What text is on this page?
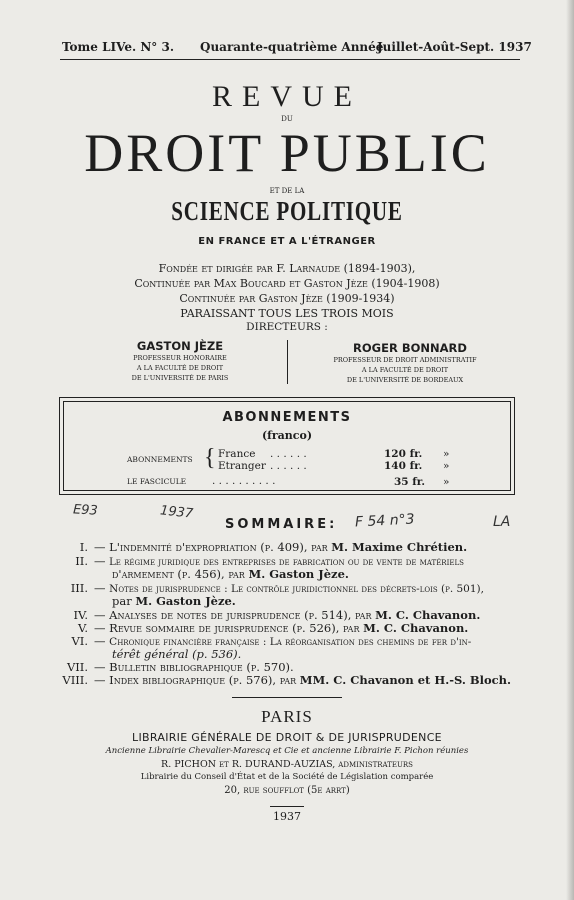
Tome LIVe. N° 3. Quarante-quatrième Année.
Juillet-Août-Sept. 1937
REVUE
DU
DROIT PUBLIC
ET DE LA
SCIENCE POLITIQUE
EN FRANCE ET A L'ÉTRANGER
Fondée et dirigée par F. Larnaude (1894-1903),
Continuée par Max Boucard et Gaston Jèze (1904-1908)
Continuée par Gaston Jèze (1909-1934)
PARAISSANT TOUS LES TROIS MOIS
DIRECTEURS :
GASTON JÈZE
PROFESSEUR HONORAIRE
A LA FACULTÉ DE DROIT
DE L'UNIVERSITÉ DE PARIS
ROGER BONNARD
PROFESSEUR DE DROIT ADMINISTRATIF
A LA FACULTÉ DE DROIT
DE L'UNIVERSITÉ DE BORDEAUX
ABONNEMENTS
(franco)
ABONNEMENTS { France . . . . . .	120 fr. »
Etranger . . . . . .	140 fr. »
LE FASCICULE . . . . . . . . . .	35 fr. »
E93	1937	F 54 n°3	LA
SOMMAIRE:
I. — L'indemnité d'expropriation (p. 409), par M. Maxime Chrétien.
II. — Le régime juridique des entreprises de fabrication ou de vente de matériels
d'armement (p. 456), par M. Gaston Jèze.
III. — Notes de jurisprudence : Le contrôle juridictionnel des décrets-lois (p. 501),
par M. Gaston Jèze.
IV. — Analyses de notes de jurisprudence (p. 514), par M. C. Chavanon.
V. — Revue sommaire de jurisprudence (p. 526), par M. C. Chavanon.
VI. — Chronique financière française : La réorganisation des chemins de fer d'in-
térêt général (p. 536).
VII. — Bulletin bibliographique (p. 570).
VIII. — Index bibliographique (p. 576), par MM. C. Chavanon et H.-S. Bloch.
PARIS
LIBRAIRIE GÉNÉRALE DE DROIT & DE JURISPRUDENCE
Ancienne Librairie Chevalier-Marescq et Cie et ancienne Librairie F. Pichon réunies
R. PICHON et R. DURAND-AUZIAS, administrateurs
Librairie du Conseil d'État et de la Société de Législation comparée
20, rue soufflot (5e arrt)
1937
